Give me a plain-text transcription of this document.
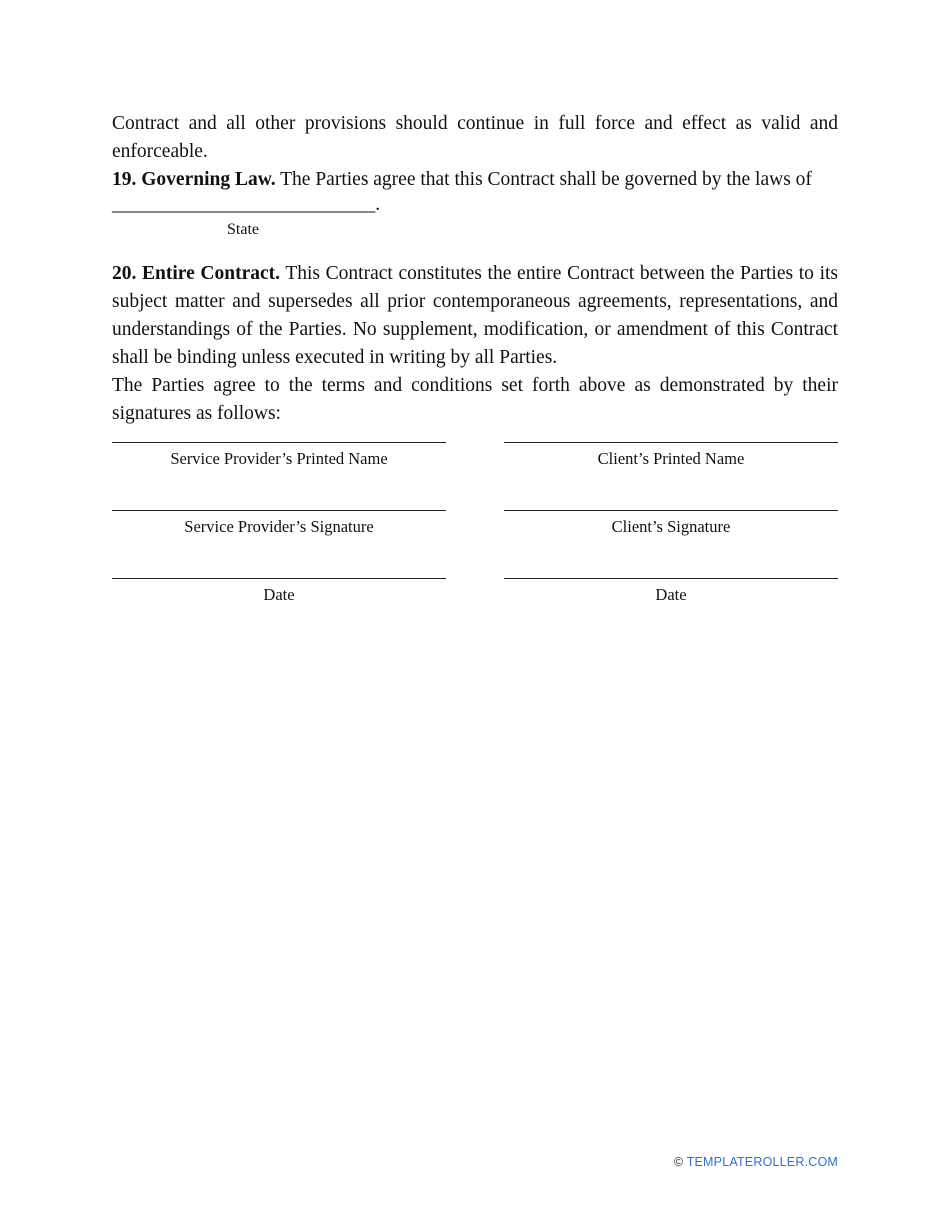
Contract and all other provisions should continue in full force and effect as valid and enforceable.

19. Governing Law. The Parties agree that this Contract shall be governed by the laws of

___________________________.
State

20. Entire Contract. This Contract constitutes the entire Contract between the Parties to its subject matter and supersedes all prior contemporaneous agreements, representations, and understandings of the Parties. No supplement, modification, or amendment of this Contract shall be binding unless executed in writing by all Parties.

The Parties agree to the terms and conditions set forth above as demonstrated by their signatures as follows:

Service Provider’s Printed Name	Client’s Printed Name
Service Provider’s Signature	Client’s Signature
Date	Date
© TEMPLATEROLLER.COM
